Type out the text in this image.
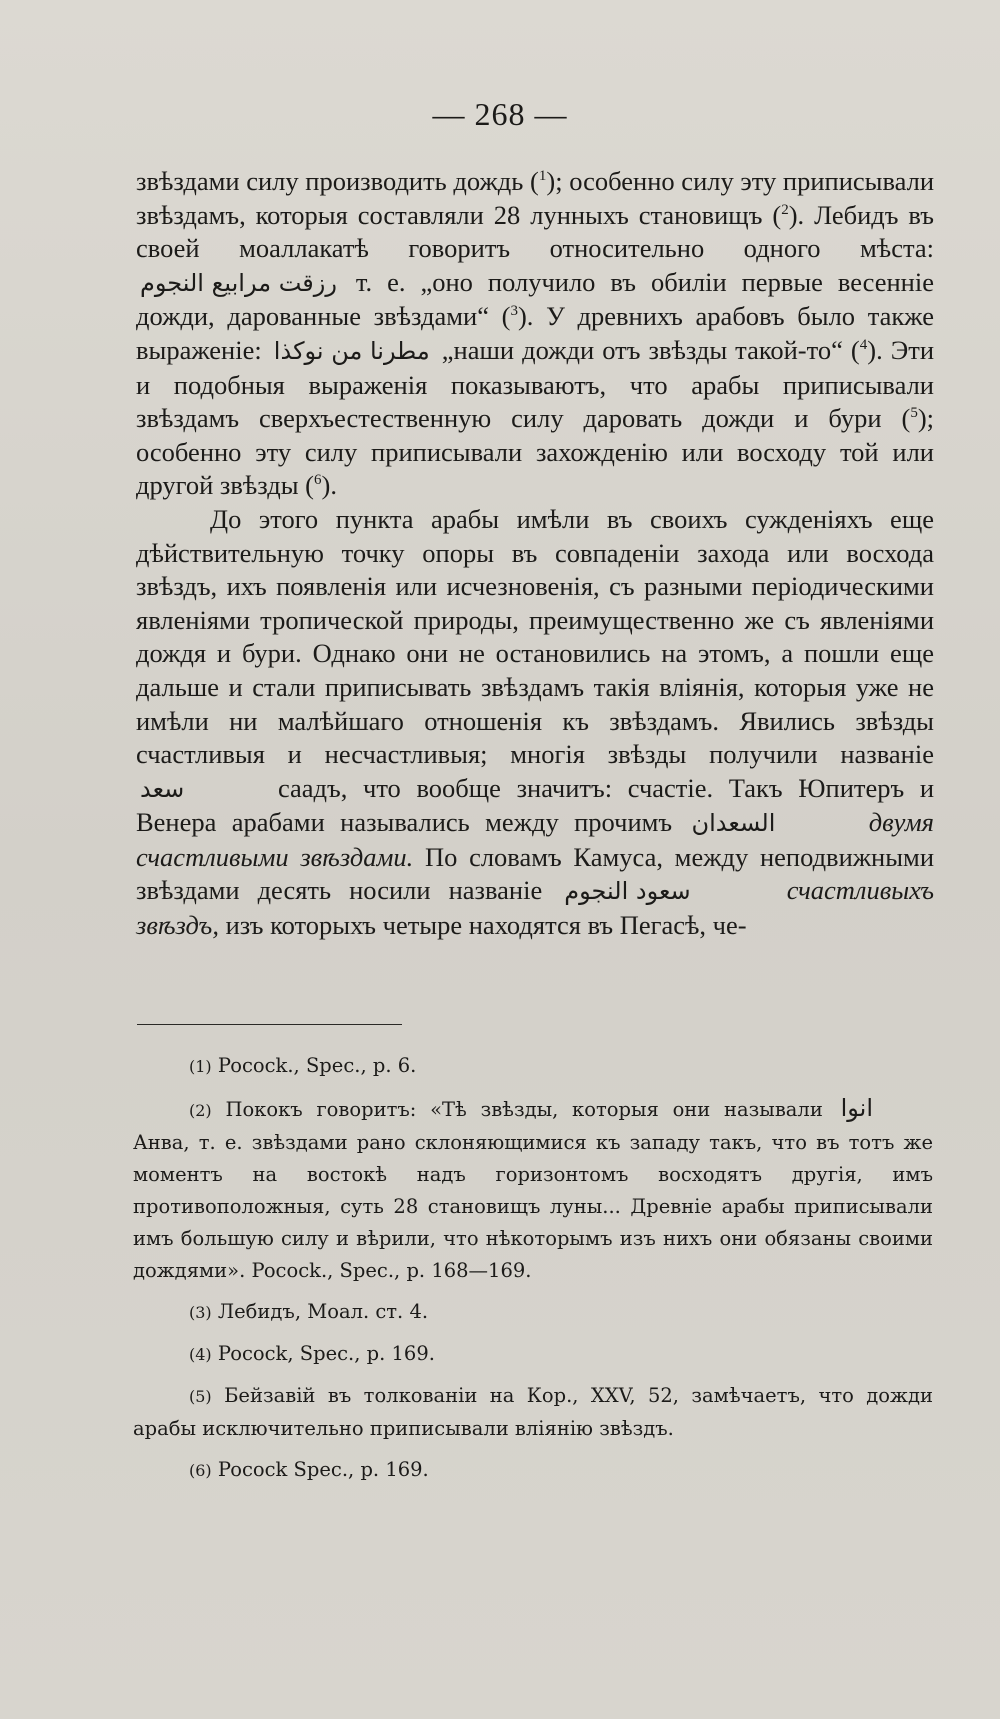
— 268 —

звѣздами силу производить дождь ($^1$); особенно силу эту приписывали звѣздамъ, которыя составляли 28 лунныхъ становищъ ($^2$). Лебидъ въ своей моаллакатѣ говоритъ относительно одного мѣста: رزقت مرابيع النجوم т. е. „оно получило въ обиліи первые весенніе дожди, дарованные звѣздами“ ($^3$). У древнихъ арабовъ было также выраженіе: مطرنا من نوكذا „наши дожди отъ звѣзды такой-то“ ($^4$). Эти и подобныя выраженія показываютъ, что арабы приписывали звѣздамъ сверхъестественную силу даровать дожди и бури ($^5$); особенно эту силу приписывали захожденію или восходу той или другой звѣзды ($^6$).

До этого пункта арабы имѣли въ своихъ сужденіяхъ еще дѣйствительную точку опоры въ совпаденіи захода или восхода звѣздъ, ихъ появленія или исчезновенія, съ разными періодическими явленіями тропической природы, преимущественно же съ явленіями дождя и бури. Однако они не остановились на этомъ, а пошли еще дальше и стали приписывать звѣздамъ такія вліянія, которыя уже не имѣли ни малѣйшаго отношенія къ звѣздамъ. Явились звѣзды счастливыя и несчастливыя; многія звѣзды получили названіе سعد	саадъ, что вообще значитъ: счастіе. Такъ Юпитеръ и Венера арабами назывались между прочимъ السعدان	двумя счастливыми звѣздами. По словамъ Камуса, между неподвижными звѣздами десять носили названіе سعود النجوم	счастливыхъ звѣздъ, изъ которыхъ четыре находятся въ Пегасѣ, че-

(1) Pocock., Spec., p. 6.

(2) Пококъ говоритъ: «Тѣ звѣзды, которыя они называли انوا Анва, т. е. звѣздами рано склоняющимися къ западу такъ, что въ тотъ же моментъ на востокѣ надъ горизонтомъ восходятъ другія, имъ противоположныя, суть 28 становищъ луны... Древніе арабы приписывали имъ большую силу и вѣрили, что нѣкоторымъ изъ нихъ они обязаны своими дождями». Pocock., Spec., p. 168—169.

(3) Лебидъ, Моал. ст. 4.

(4) Pocock, Spec., p. 169.

(5) Бейзавій въ толкованіи на Кор., XXV, 52, замѣчаетъ, что дожди арабы исключительно приписывали вліянію звѣздъ.

(6) Pocock Spec., p. 169.
